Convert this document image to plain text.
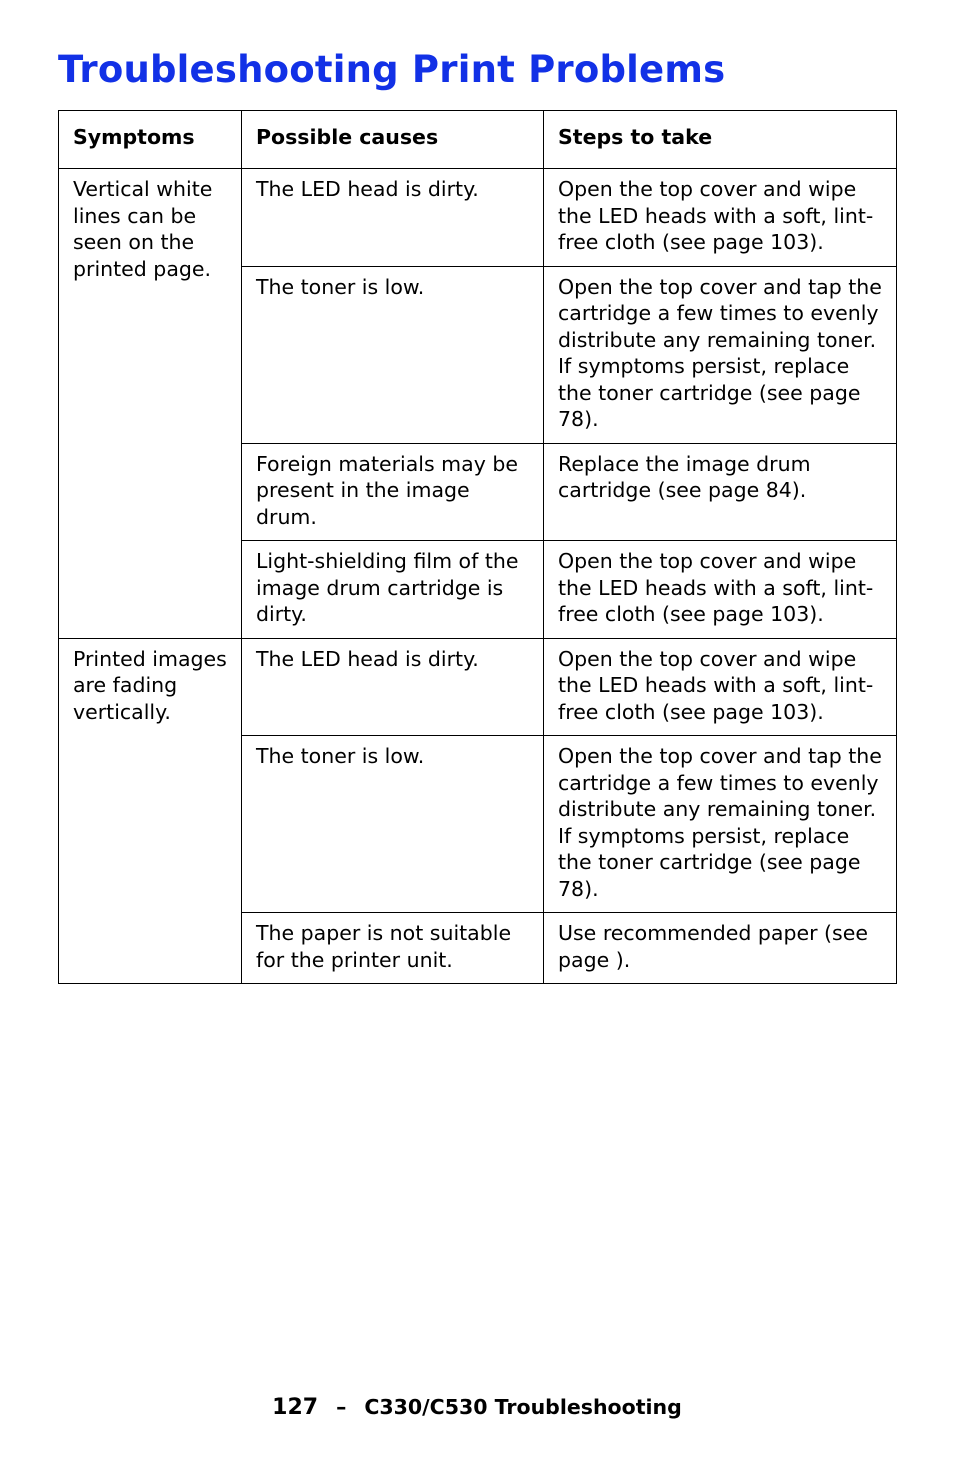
Troubleshooting Print Problems
Symptoms	Possible causes	Steps to take
Vertical white lines can be seen on the printed page.	The LED head is dirty.	Open the top cover and wipe the LED heads with a soft, lint-free cloth (see page 103).
	The toner is low.	Open the top cover and tap the cartridge a few times to evenly distribute any remaining toner. If symptoms persist, replace the toner cartridge (see page 78).
	Foreign materials may be present in the image drum.	Replace the image drum cartridge (see page 84).
	Light-shielding film of the image drum cartridge is dirty.	Open the top cover and wipe the LED heads with a soft, lint-free cloth (see page 103).
Printed images are fading vertically.	The LED head is dirty.	Open the top cover and wipe the LED heads with a soft, lint-free cloth (see page 103).
	The toner is low.	Open the top cover and tap the cartridge a few times to evenly distribute any remaining toner. If symptoms persist, replace the toner cartridge (see page 78).
	The paper is not suitable for the printer unit.	Use recommended paper (see page ).
127 – C330/C530 Troubleshooting
